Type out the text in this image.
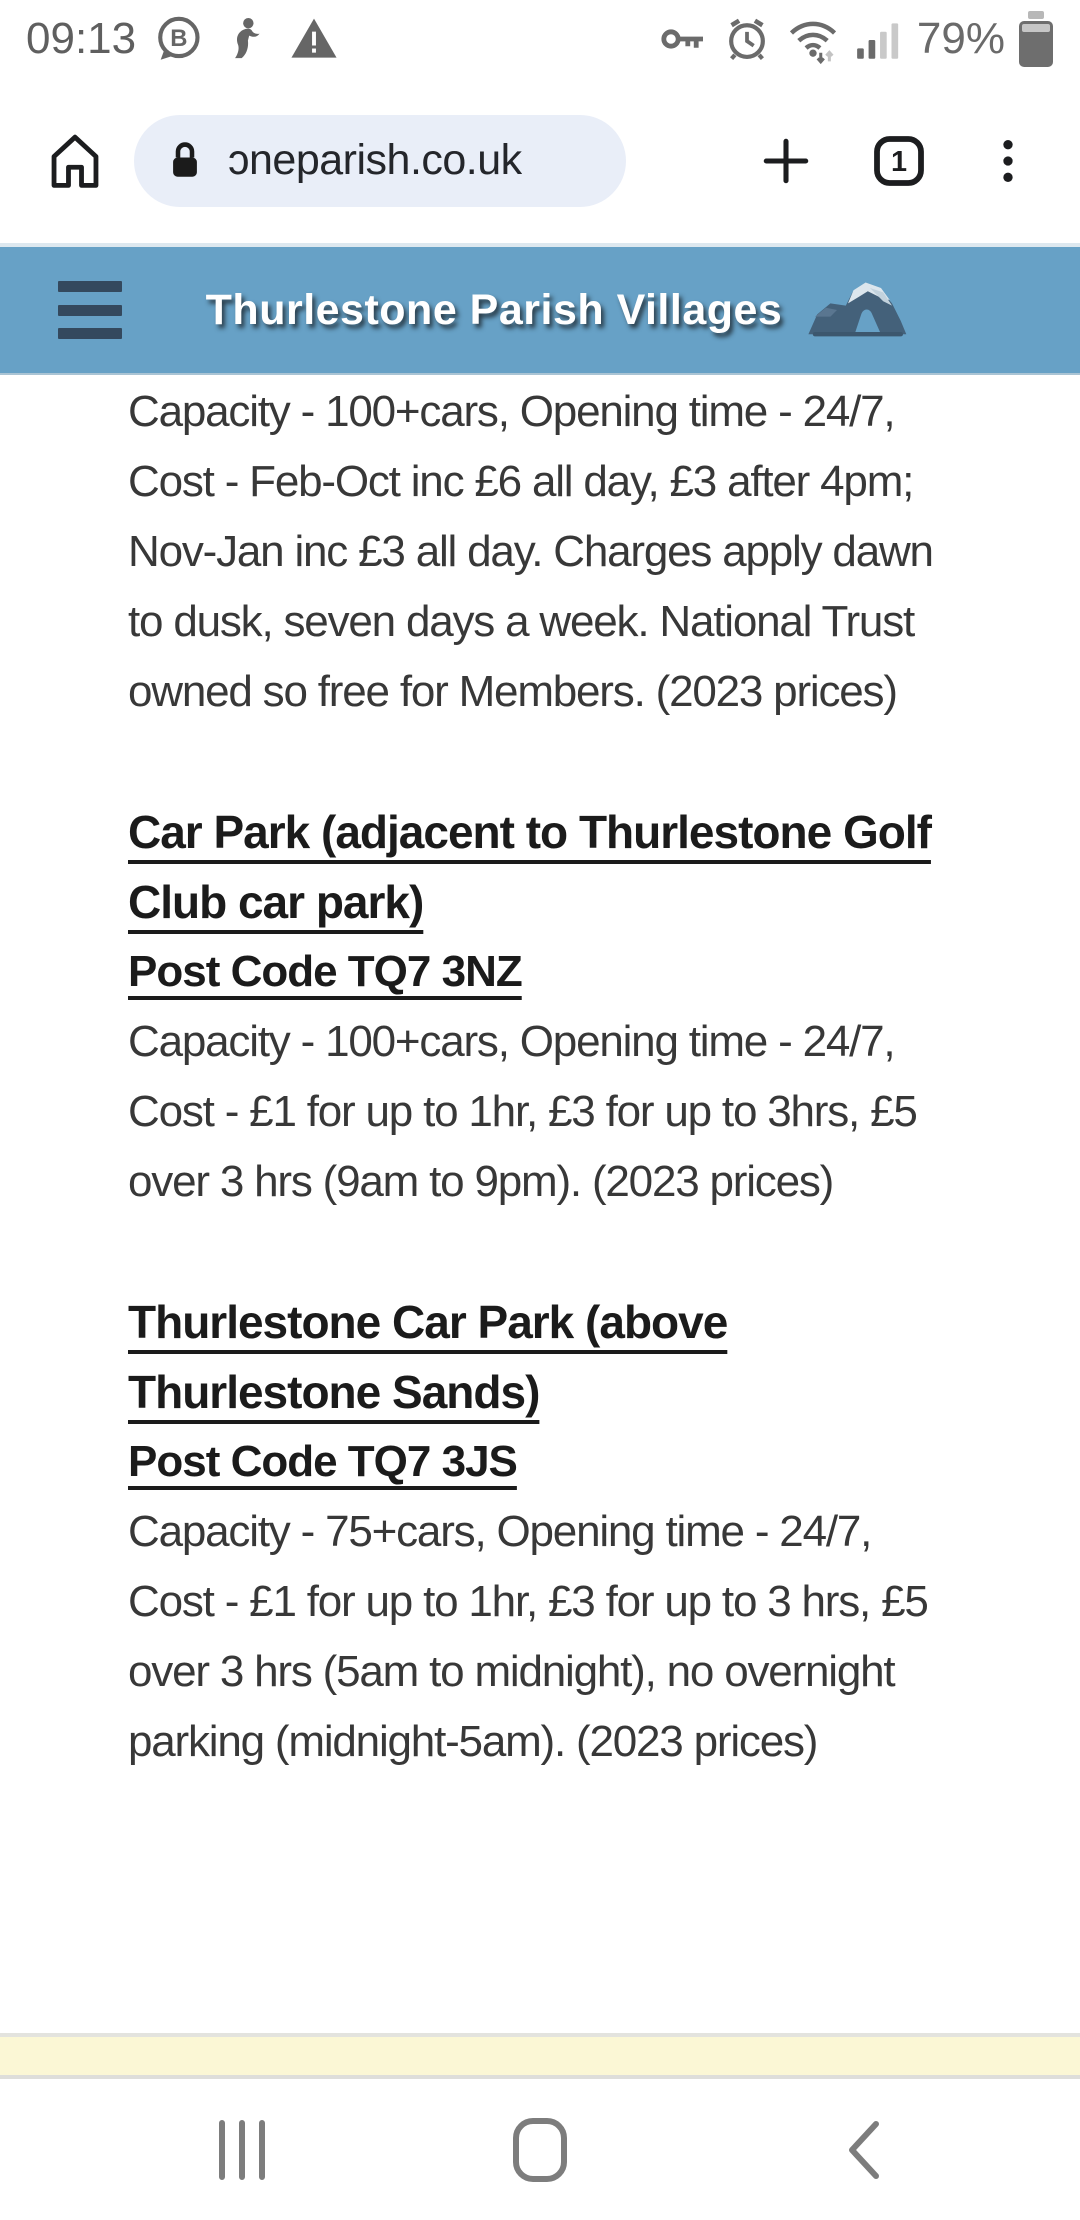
09:13	B	79%
ɔneparish.co.uk	1
Thurlestone Parish Villages

Capacity - 100+cars, Opening time - 24/7,
Cost - Feb-Oct inc £6 all day, £3 after 4pm;
Nov-Jan inc £3 all day. Charges apply dawn
to dusk, seven days a week. National Trust
owned so free for Members. (2023 prices)

Car Park (adjacent to Thurlestone Golf
Club car park)
Post Code TQ7 3NZ

Capacity - 100+cars, Opening time - 24/7,
Cost - £1 for up to 1hr, £3 for up to 3hrs, £5
over 3 hrs (9am to 9pm). (2023 prices)

Thurlestone Car Park (above
Thurlestone Sands)
Post Code TQ7 3JS

Capacity - 75+cars, Opening time - 24/7,
Cost - £1 for up to 1hr, £3 for up to 3 hrs, £5
over 3 hrs (5am to midnight), no overnight
parking (midnight-5am). (2023 prices)
